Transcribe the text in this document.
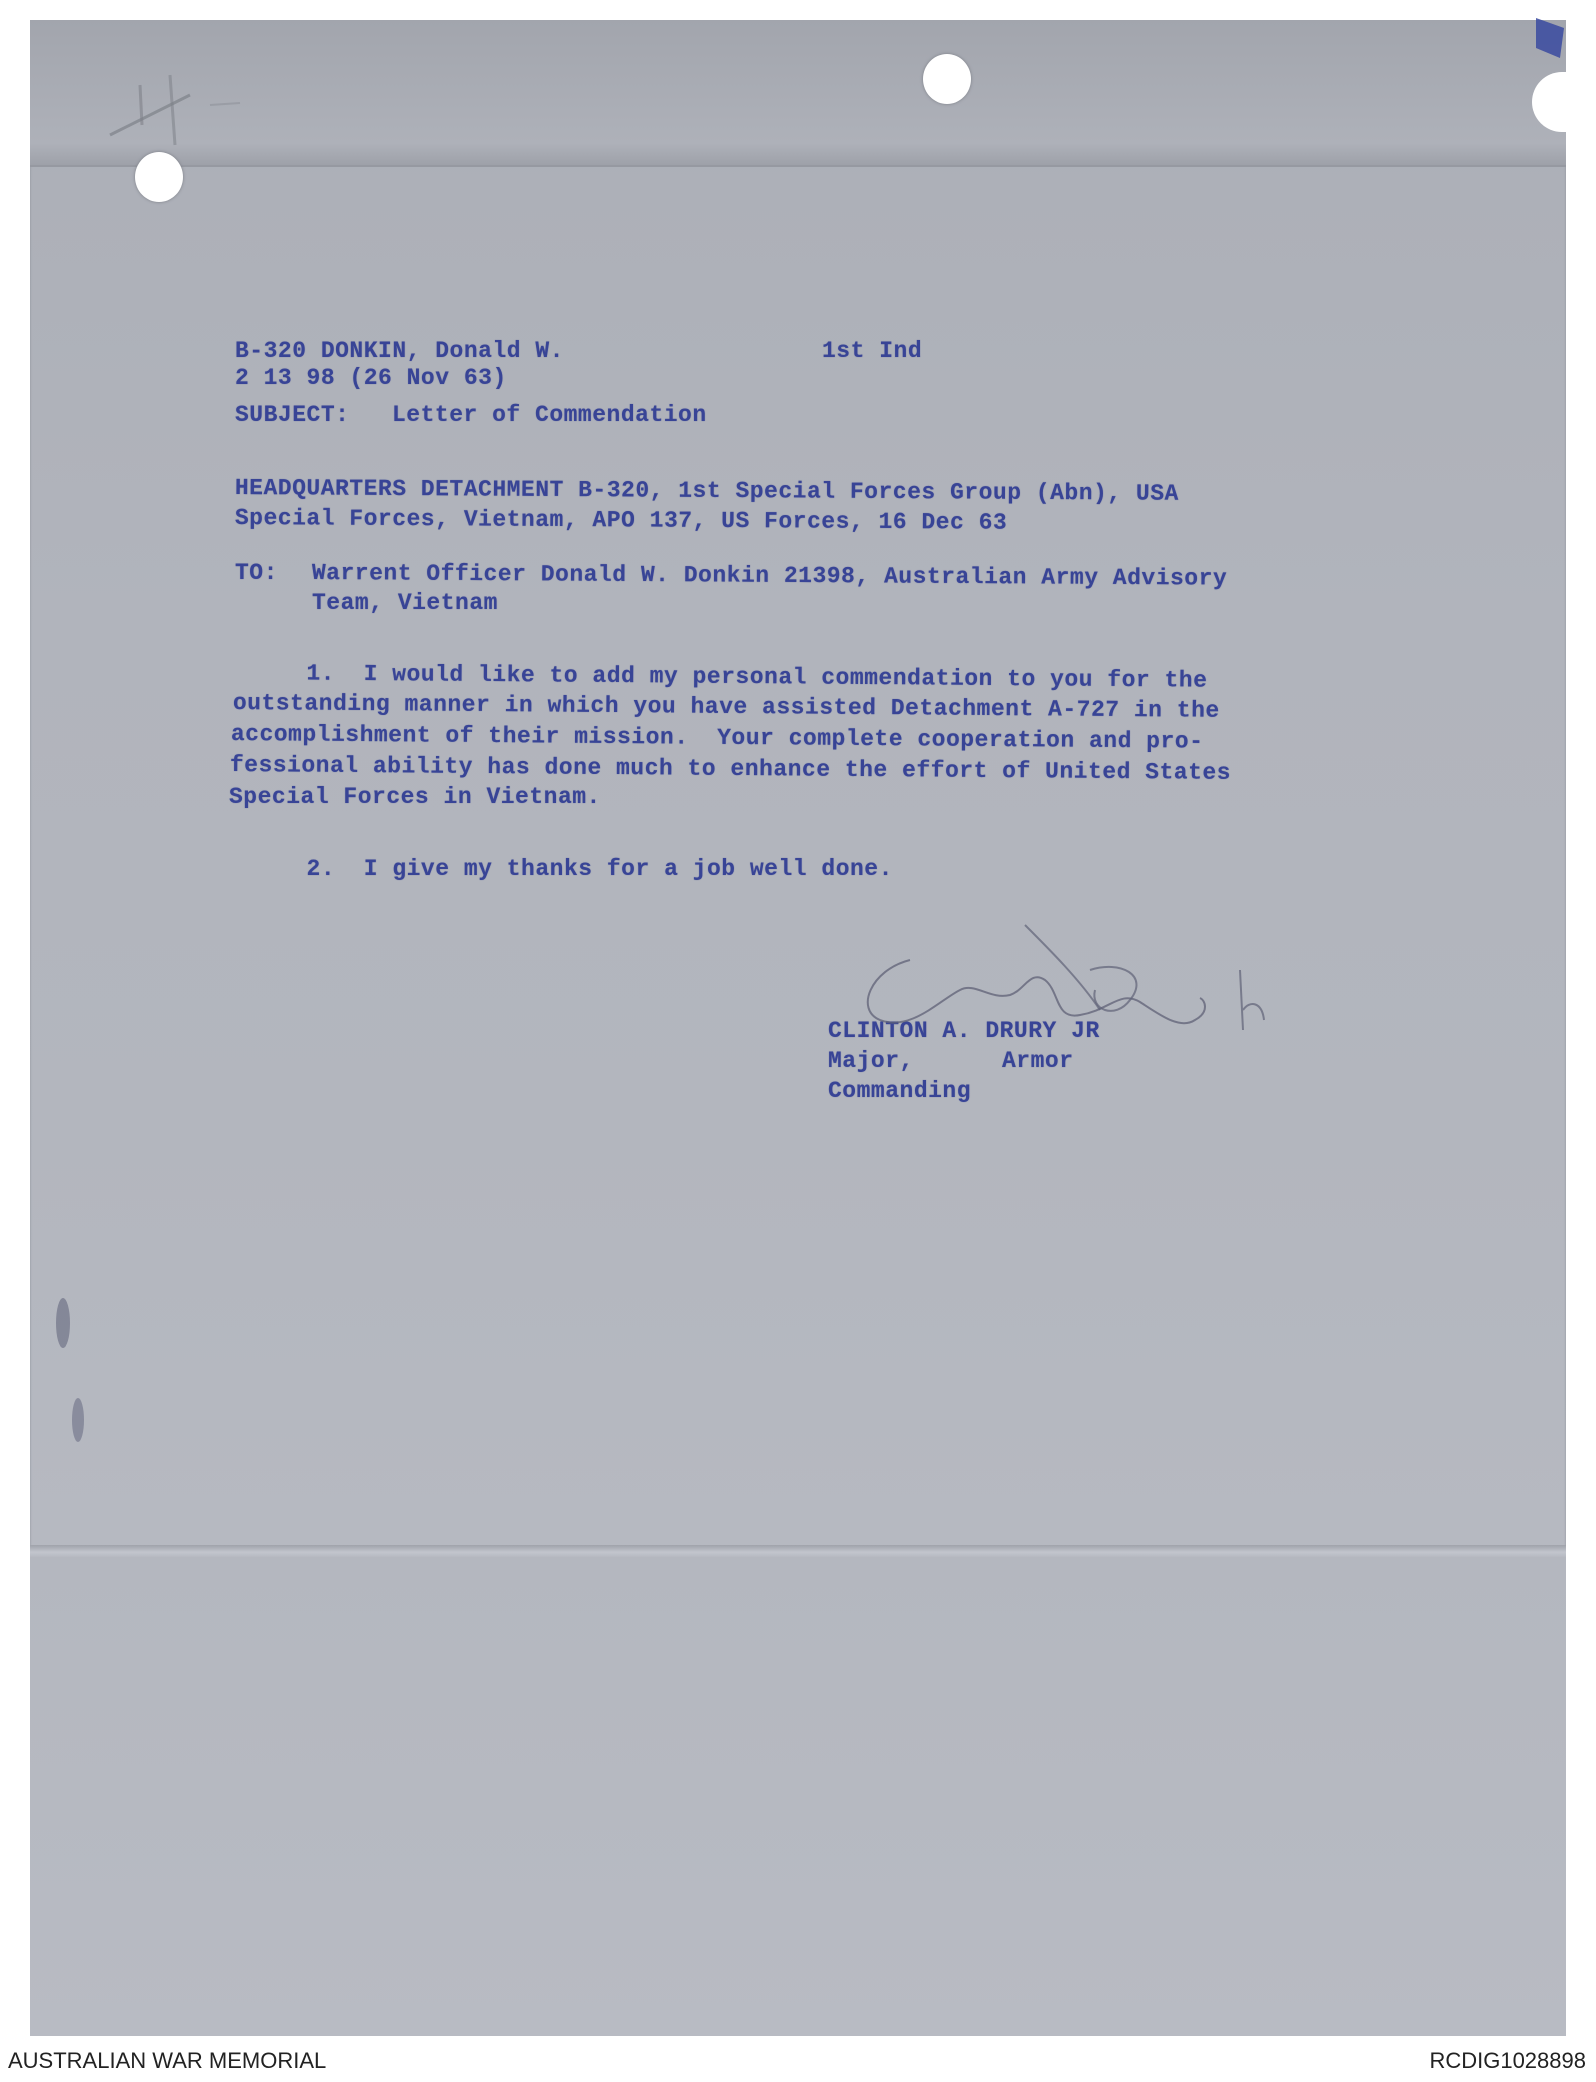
B-320 DONKIN, Donald W.	1st Ind
2 13 98 (26 Nov 63)
SUBJECT: Letter of Commendation
HEADQUARTERS DETACHMENT B-320, 1st Special Forces Group (Abn), USA
Special Forces, Vietnam, APO 137, US Forces, 16 Dec 63
TO: Warrent Officer Donald W. Donkin 21398, Australian Army Advisory
Team, Vietnam
1.  I would like to add my personal commendation to you for the
outstanding manner in which you have assisted Detachment A-727 in the
accomplishment of their mission.  Your complete cooperation and pro-
fessional ability has done much to enhance the effort of United States
Special Forces in Vietnam.
2.  I give my thanks for a job well done.
CLINTON A. DRURY JR
Major,	Armor
Commanding
AUSTRALIAN WAR MEMORIAL	RCDIG1028898
